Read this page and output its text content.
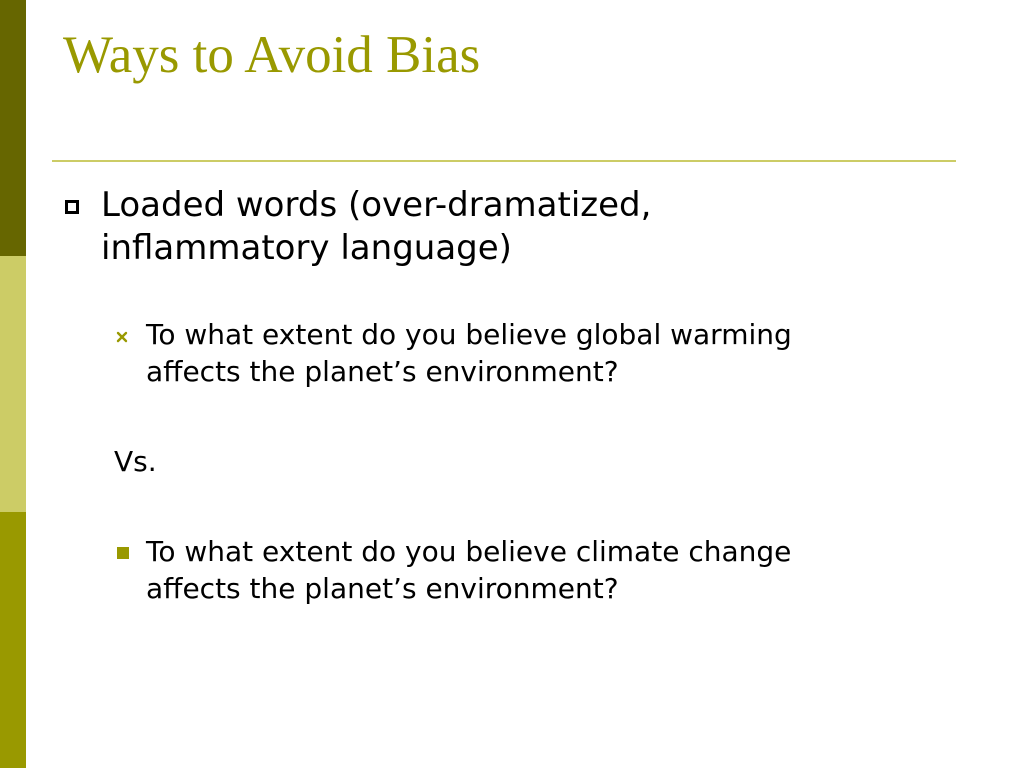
Ways to Avoid Bias
Loaded words (over-dramatized,
inflammatory language)
To what extent do you believe global warming
affects the planet’s environment?
Vs.
To what extent do you believe climate change
affects the planet’s environment?
